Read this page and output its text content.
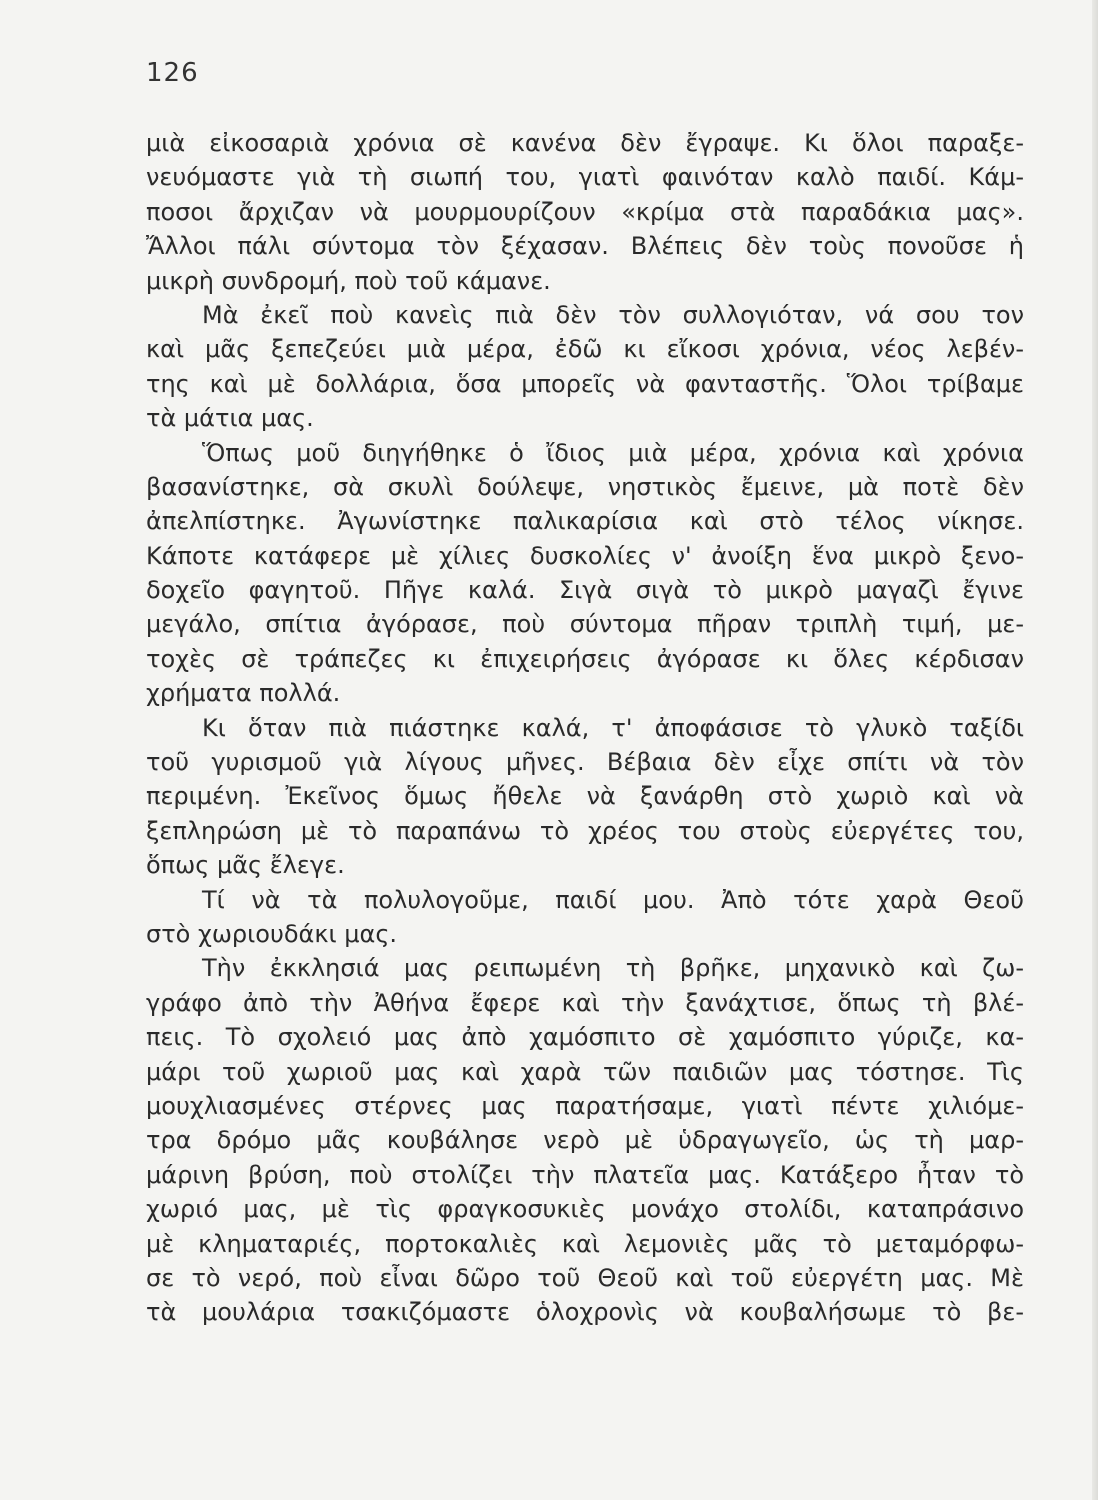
126
μιὰ εἰκοσαριὰ χρόνια σὲ κανένα δὲν ἔγραψε. Κι ὅλοι παραξε-
νευόμαστε γιὰ τὴ σιωπή του, γιατὶ φαινόταν καλὸ παιδί. Κάμ-
ποσοι ἄρχιζαν νὰ μουρμουρίζουν «κρίμα στὰ παραδάκια μας».
Ἄλλοι πάλι σύντομα τὸν ξέχασαν. Βλέπεις δὲν τοὺς πονοῦσε ἡ
μικρὴ συνδρομή, ποὺ τοῦ κάμανε.
Μὰ ἐκεῖ ποὺ κανεὶς πιὰ δὲν τὸν συλλογιόταν, νά σου τον
καὶ μᾶς ξεπεζεύει μιὰ μέρα, ἐδῶ κι εἴκοσι χρόνια, νέος λεβέν-
της καὶ μὲ δολλάρια, ὅσα μπορεῖς νὰ φανταστῆς. Ὅλοι τρίβαμε
τὰ μάτια μας.
Ὅπως μοῦ διηγήθηκε ὁ ἴδιος μιὰ μέρα, χρόνια καὶ χρόνια
βασανίστηκε, σὰ σκυλὶ δούλεψε, νηστικὸς ἔμεινε, μὰ ποτὲ δὲν
ἀπελπίστηκε. Ἀγωνίστηκε παλικαρίσια καὶ στὸ τέλος νίκησε.
Κάποτε κατάφερε μὲ χίλιες δυσκολίες ν' ἀνοίξη ἕνα μικρὸ ξενο-
δοχεῖο φαγητοῦ. Πῆγε καλά. Σιγὰ σιγὰ τὸ μικρὸ μαγαζὶ ἔγινε
μεγάλο, σπίτια ἀγόρασε, ποὺ σύντομα πῆραν τριπλὴ τιμή, με-
τοχὲς σὲ τράπεζες κι ἐπιχειρήσεις ἀγόρασε κι ὅλες κέρδισαν
χρήματα πολλά.
Κι ὅταν πιὰ πιάστηκε καλά, τ' ἀποφάσισε τὸ γλυκὸ ταξίδι
τοῦ γυρισμοῦ γιὰ λίγους μῆνες. Βέβαια δὲν εἶχε σπίτι νὰ τὸν
περιμένη. Ἐκεῖνος ὅμως ἤθελε νὰ ξανάρθη στὸ χωριὸ καὶ νὰ
ξεπληρώση μὲ τὸ παραπάνω τὸ χρέος του στοὺς εὐεργέτες του,
ὅπως μᾶς ἔλεγε.
Τί νὰ τὰ πολυλογοῦμε, παιδί μου. Ἀπὸ τότε χαρὰ Θεοῦ
στὸ χωριουδάκι μας.
Τὴν ἐκκλησιά μας ρειπωμένη τὴ βρῆκε, μηχανικὸ καὶ ζω-
γράφο ἀπὸ τὴν Ἀθήνα ἔφερε καὶ τὴν ξανάχτισε, ὅπως τὴ βλέ-
πεις. Τὸ σχολειό μας ἀπὸ χαμόσπιτο σὲ χαμόσπιτο γύριζε, κα-
μάρι τοῦ χωριοῦ μας καὶ χαρὰ τῶν παιδιῶν μας τόστησε. Τὶς
μουχλιασμένες στέρνες μας παρατήσαμε, γιατὶ πέντε χιλιόμε-
τρα δρόμο μᾶς κουβάλησε νερὸ μὲ ὑδραγωγεῖο, ὡς τὴ μαρ-
μάρινη βρύση, ποὺ στολίζει τὴν πλατεῖα μας. Κατάξερο ἦταν τὸ
χωριό μας, μὲ τὶς φραγκοσυκιὲς μονάχο στολίδι, καταπράσινο
μὲ κληματαριές, πορτοκαλιὲς καὶ λεμονιὲς μᾶς τὸ μεταμόρφω-
σε τὸ νερό, ποὺ εἶναι δῶρο τοῦ Θεοῦ καὶ τοῦ εὐεργέτη μας. Μὲ
τὰ μουλάρια τσακιζόμαστε ὁλοχρονὶς νὰ κουβαλήσωμε τὸ βε-
